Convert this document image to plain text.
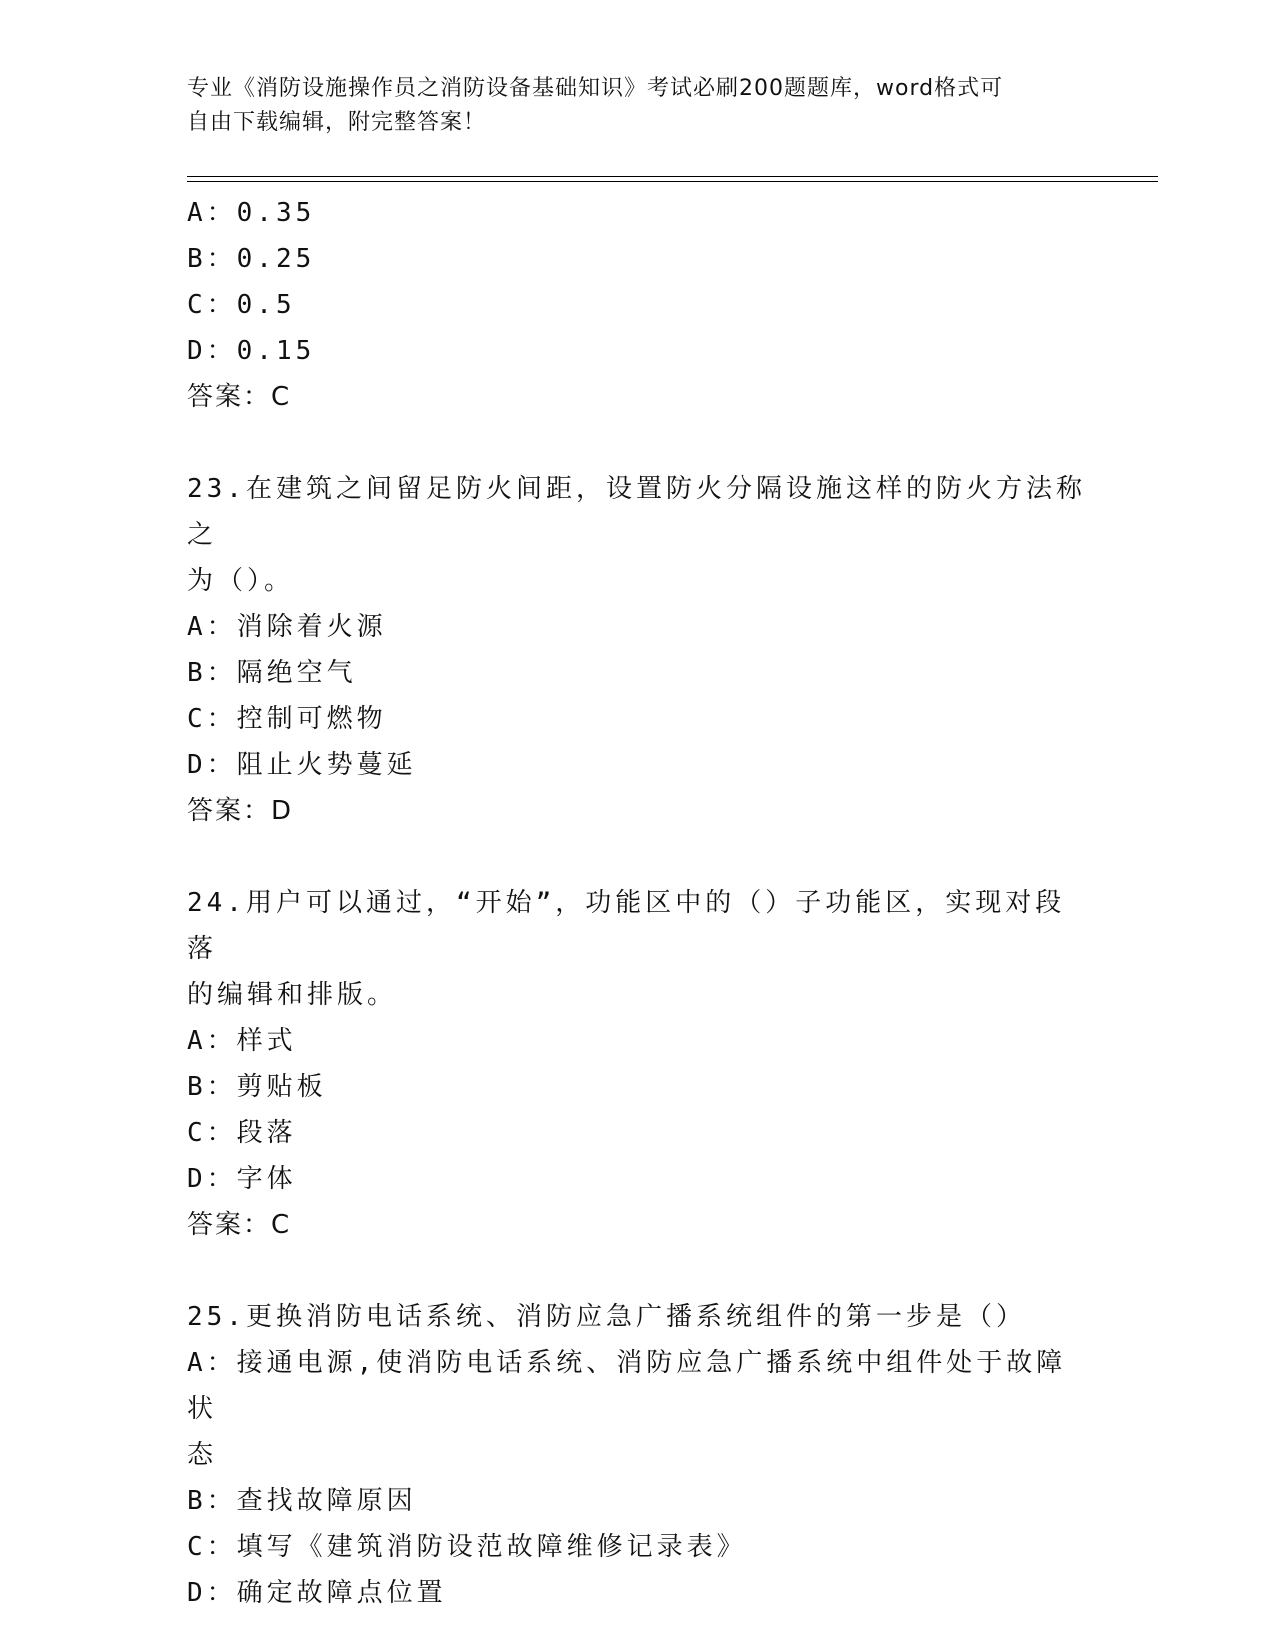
专业《消防设施操作员之消防设备基础知识》考试必刷200题题库，word格式可
自由下载编辑，附完整答案！
A：0.35
B：0.25
C：0.5
D：0.15
答案：C
23.在建筑之间留足防火间距，设置防火分隔设施这样的防火方法称之
为（）。
A：消除着火源
B：隔绝空气
C：控制可燃物
D：阻止火势蔓延
答案：D
24.用户可以通过，“开始”，功能区中的（）子功能区，实现对段落
的编辑和排版。
A：样式
B：剪贴板
C：段落
D：字体
答案：C
25.更换消防电话系统、消防应急广播系统组件的第一步是（）
A：接通电源,使消防电话系统、消防应急广播系统中组件处于故障状
态
B：查找故障原因
C：填写《建筑消防设范故障维修记录表》
D：确定故障点位置
